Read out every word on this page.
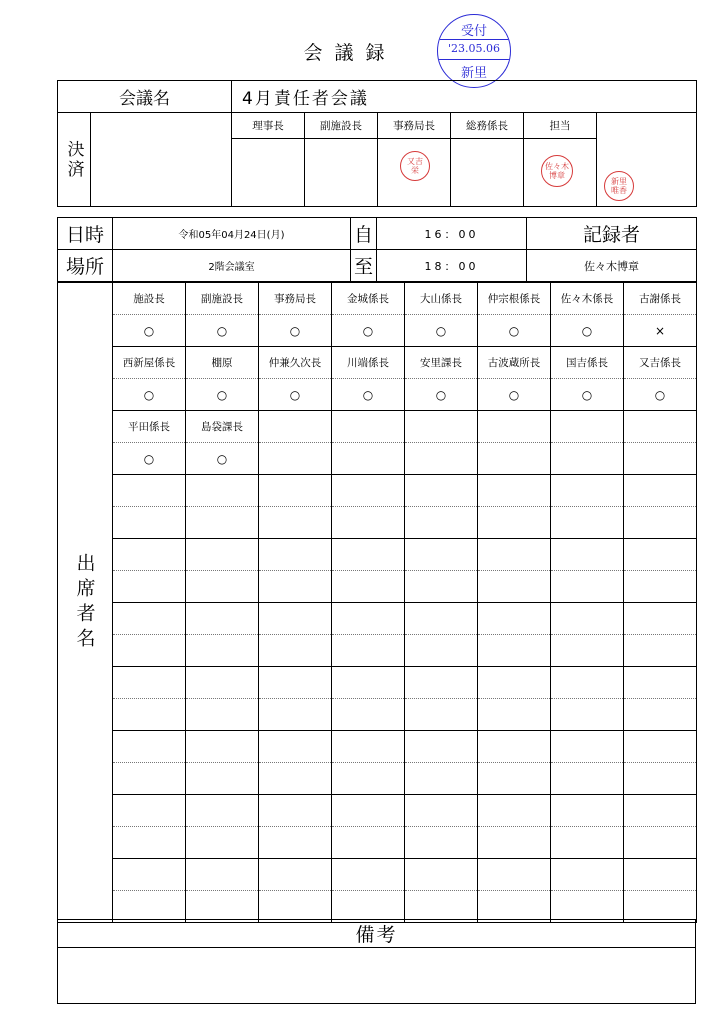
会議録
受付
'23.05.06
新里
会議名		4月責任者会議					
決済		理事長	副施設長	事務局長	総務係長	担当	新里
唯香

				又吉
栄		佐々木
博章	
日時	令和05年04月24日(月)	自	16：00	記録者
場所	2階会議室	至	18：00	佐々木博章
出席者名	施設長	副施設長	事務局長	金城係長	大山係長	仲宗根係長	佐々木係長	古謝係長
	○	○	○	○	○	○	○	×
	西新屋係長	棚原	仲兼久次長	川端係長	安里課長	古波蔵所長	国吉係長	又吉係長
	○	○	○	○	○	○	○	○
	平田係長	島袋課長						
	○	○						

備考
